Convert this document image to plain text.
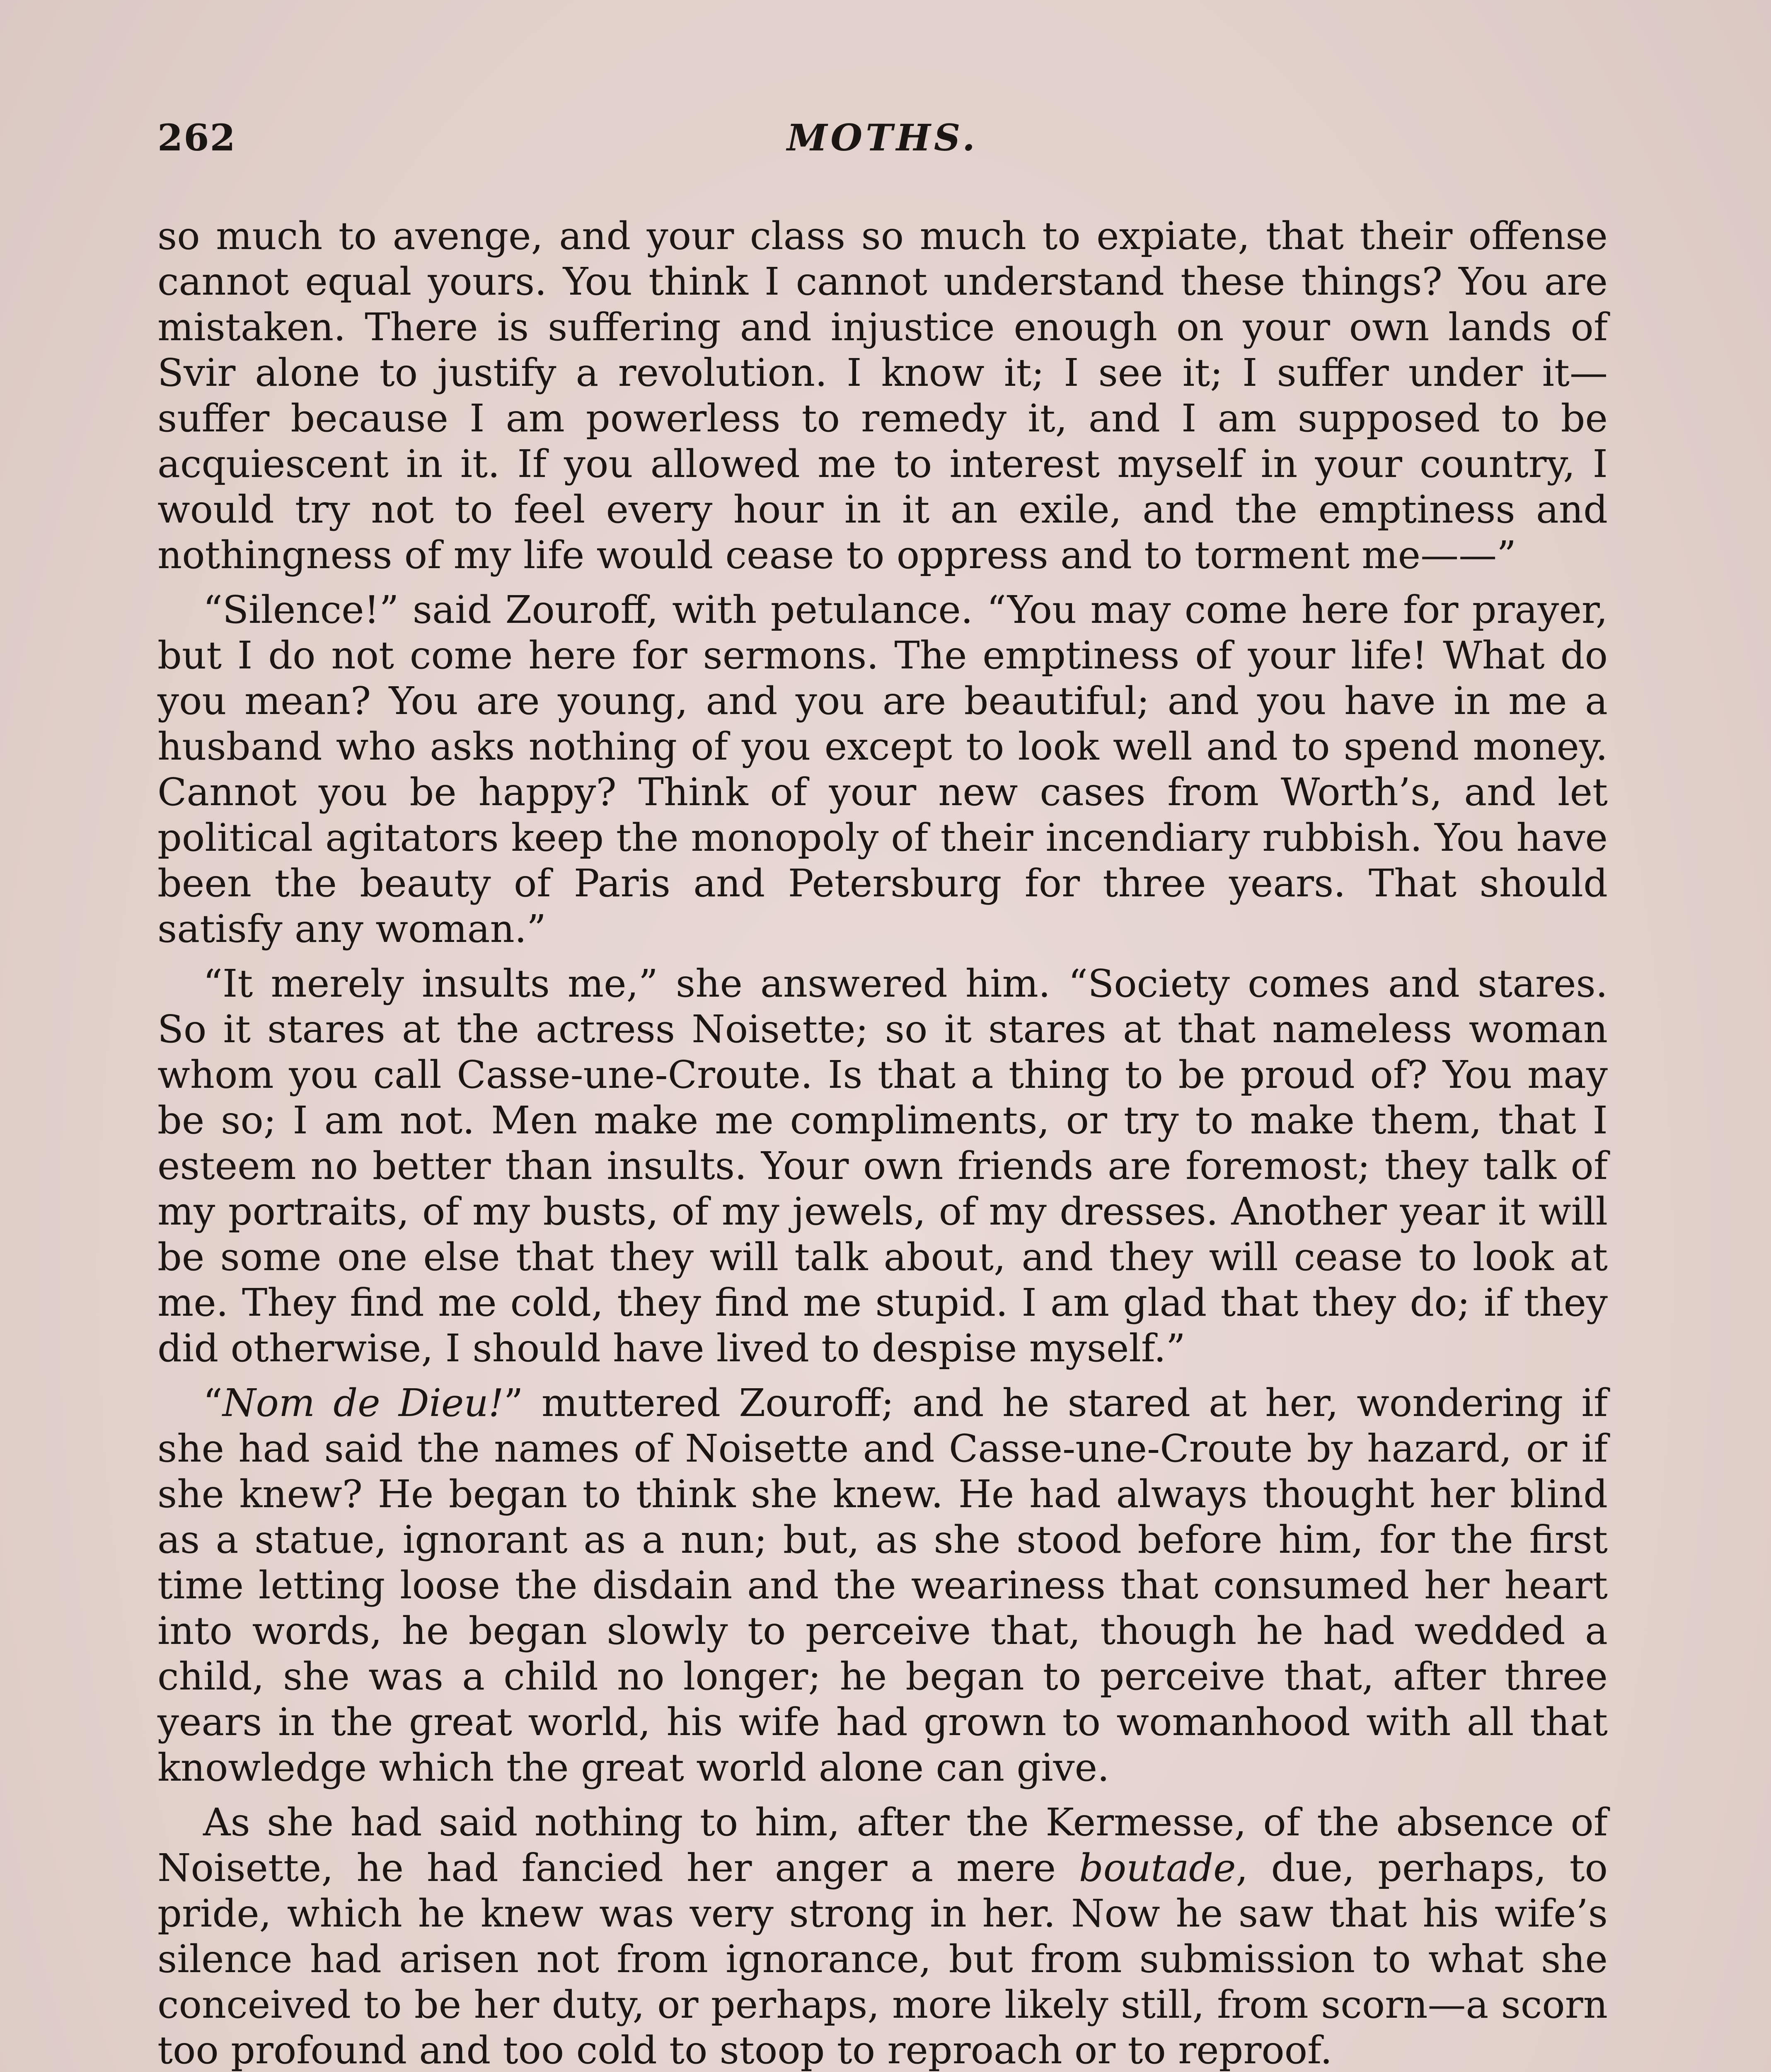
262	MOTHS.

so much to avenge, and your class so much to expiate, that their offense cannot equal yours. You think I cannot understand these things? You are mistaken. There is suffering and injustice enough on your own lands of Svir alone to justify a revolution. I know it; I see it; I suffer under it—suffer because I am powerless to remedy it, and I am supposed to be acquiescent in it. If you allowed me to interest myself in your country, I would try not to feel every hour in it an exile, and the emptiness and nothingness of my life would cease to oppress and to torment me——”

“Silence!” said Zouroff, with petulance. “You may come here for prayer, but I do not come here for sermons. The emptiness of your life! What do you mean? You are young, and you are beautiful; and you have in me a husband who asks nothing of you except to look well and to spend money. Cannot you be happy? Think of your new cases from Worth’s, and let political agitators keep the monopoly of their incendiary rubbish. You have been the beauty of Paris and Petersburg for three years. That should satisfy any woman.”

“It merely insults me,” she answered him. “Society comes and stares. So it stares at the actress Noisette; so it stares at that nameless woman whom you call Casse-une-Croute. Is that a thing to be proud of? You may be so; I am not. Men make me compliments, or try to make them, that I esteem no better than insults. Your own friends are foremost; they talk of my portraits, of my busts, of my jewels, of my dresses. Another year it will be some one else that they will talk about, and they will cease to look at me. They find me cold, they find me stupid. I am glad that they do; if they did otherwise, I should have lived to despise myself.”

“Nom de Dieu!” muttered Zouroff; and he stared at her, wondering if she had said the names of Noisette and Casse-une-Croute by hazard, or if she knew? He began to think she knew. He had always thought her blind as a statue, ignorant as a nun; but, as she stood before him, for the first time letting loose the disdain and the weariness that consumed her heart into words, he began slowly to perceive that, though he had wedded a child, she was a child no longer; he began to perceive that, after three years in the great world, his wife had grown to womanhood with all that knowledge which the great world alone can give.

As she had said nothing to him, after the Kermesse, of the absence of Noisette, he had fancied her anger a mere boutade, due, perhaps, to pride, which he knew was very strong in her. Now he saw that his wife’s silence had arisen not from ignorance, but from submission to what she conceived to be her duty, or perhaps, more likely still, from scorn—a scorn too profound and too cold to stoop to reproach or to reproof.
